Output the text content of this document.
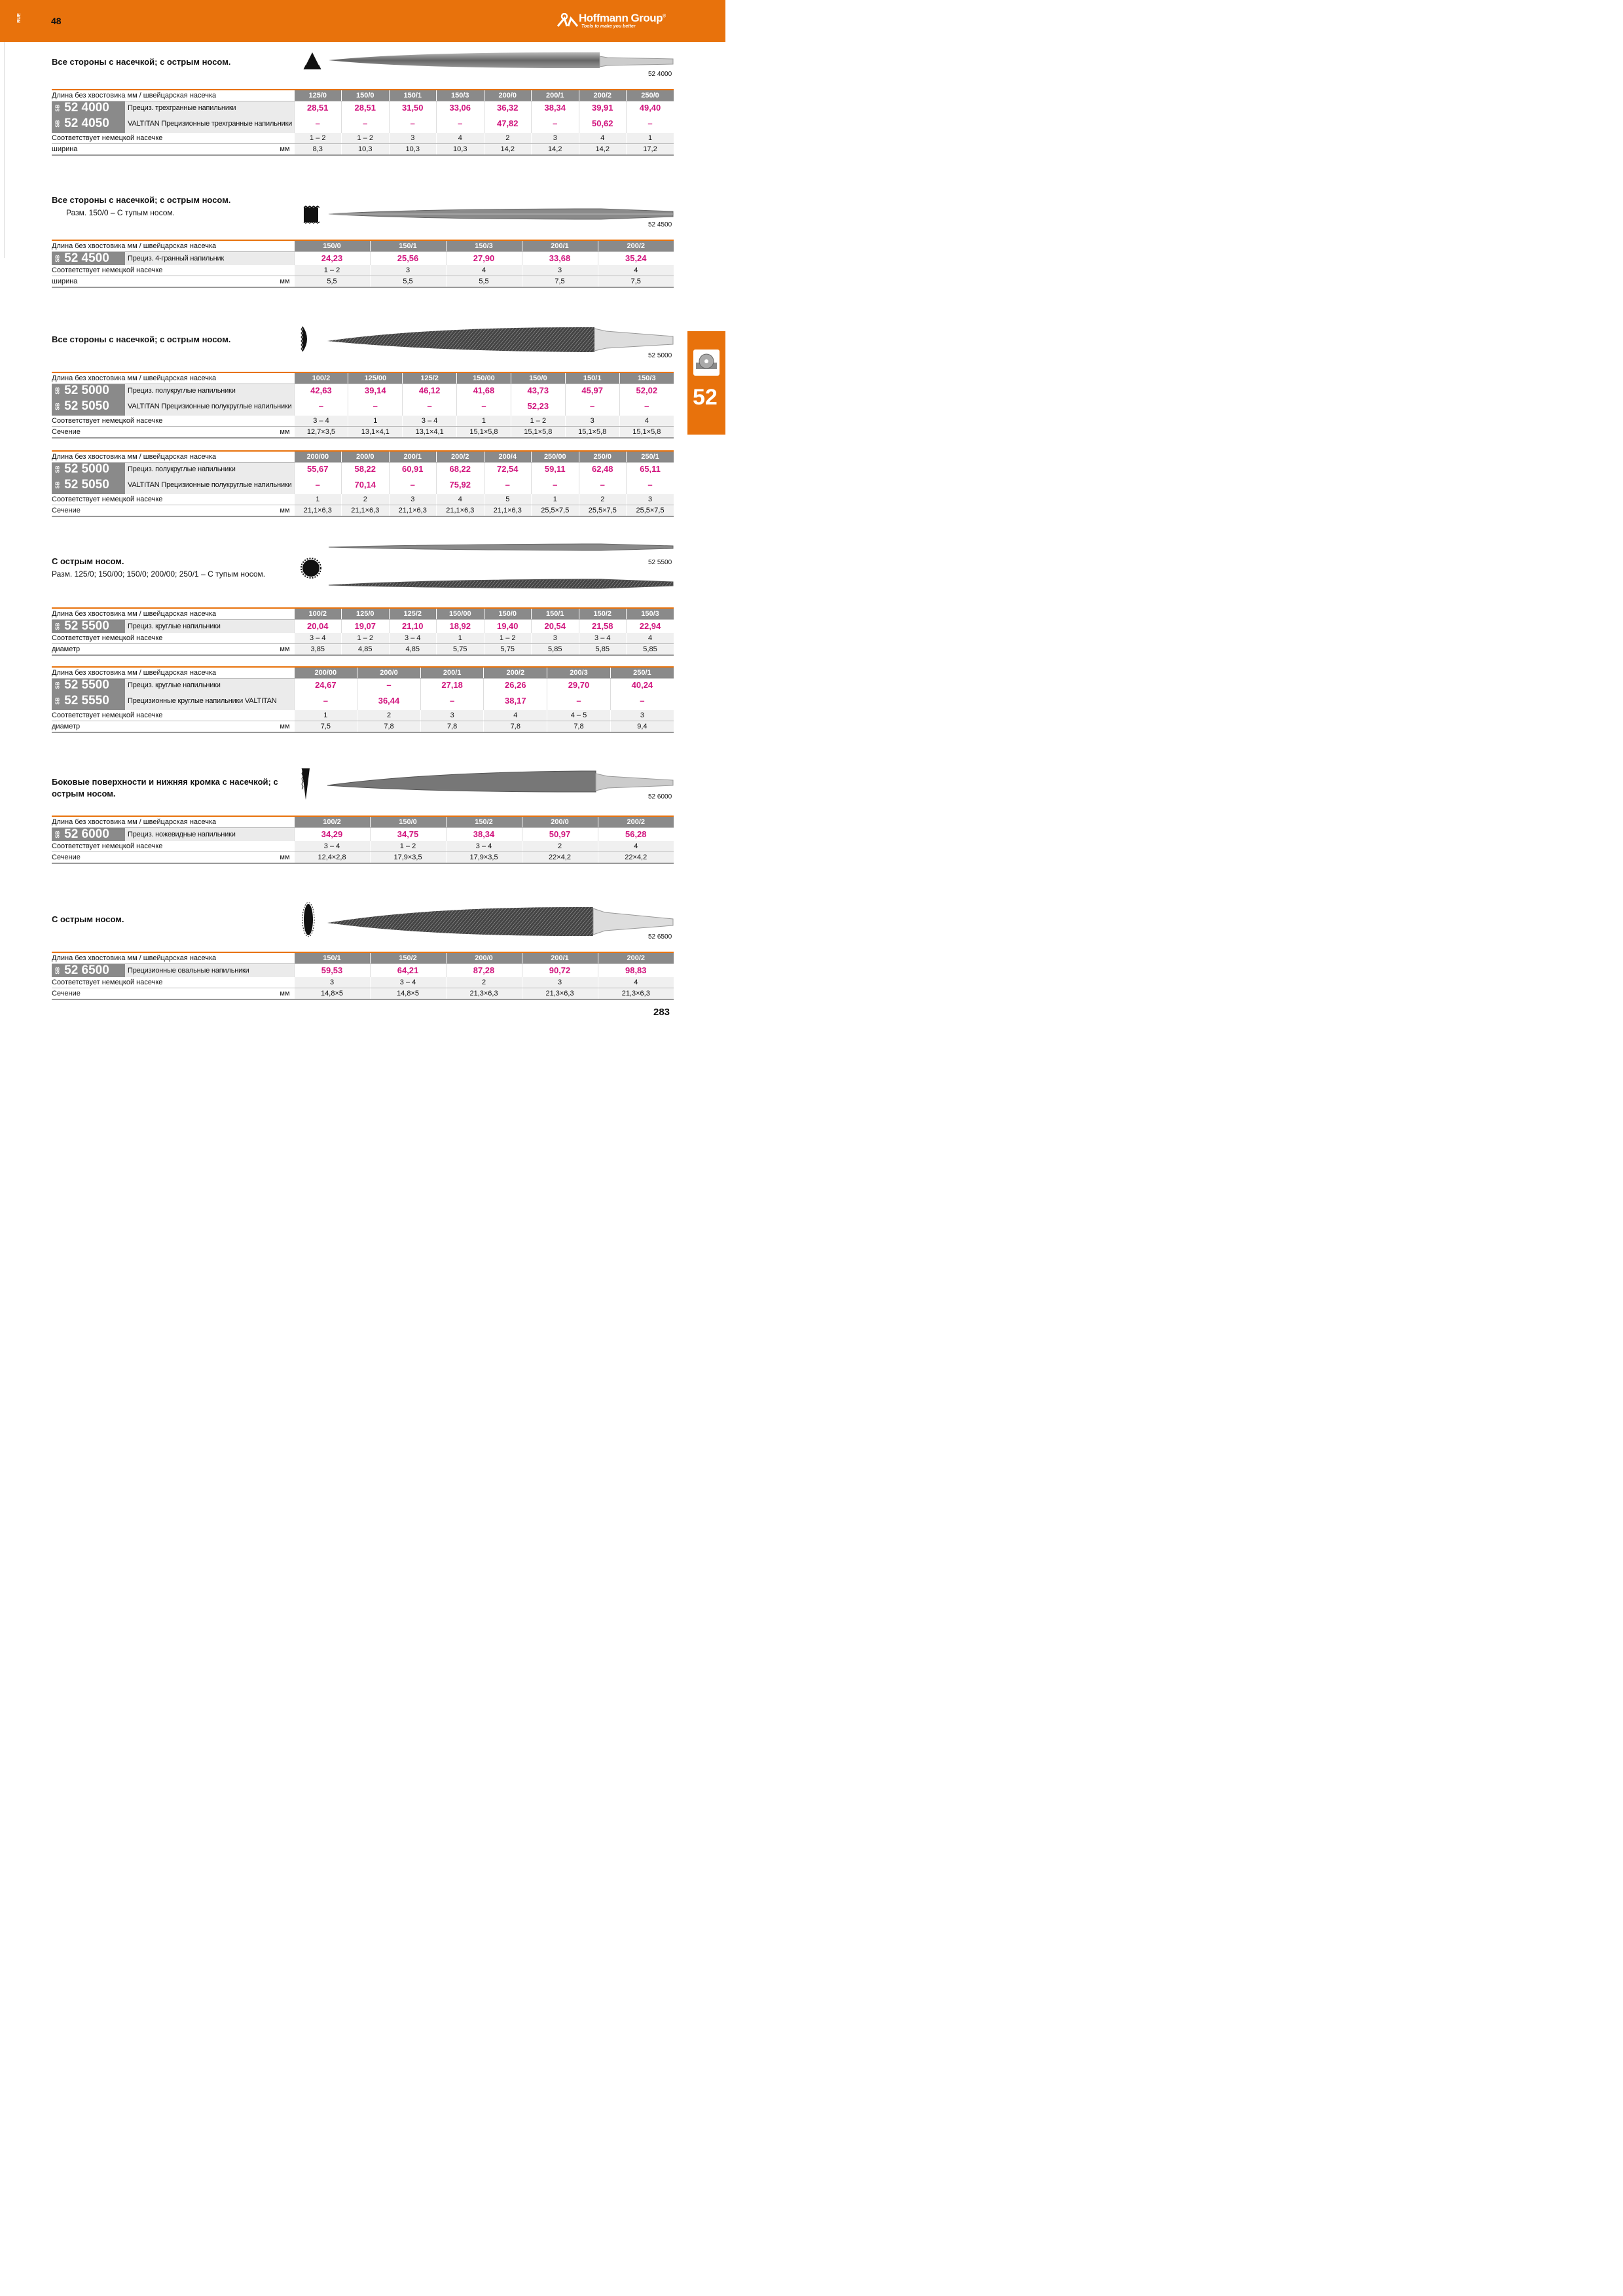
RUE	48	Hoffmann Group®
Tools to make you better
52
Все стороны с насечкой; с острым носом.
52 4000
Длина без хвостовика мм / швейцарская насечка		125/0	150/0	150/1	150/3	200/0	200/1	200/2	250/0
SB 52 4000	Прециз. трехгранные напильники	28,51	28,51	31,50	33,06	36,32	38,34	39,91	49,40
SB 52 4050	VALTITAN Прецизионные трехгранные напильники	–	–	–	–	47,82	–	50,62	–
Соответствует немецкой насечке		1 – 2	1 – 2	3	4	2	3	4	1
ширина	мм	8,3	10,3	10,3	10,3	14,2	14,2	14,2	17,2
Все стороны с насечкой; с острым носом.
Разм. 150/0 – С тупым носом.
52 4500
Длина без хвостовика мм / швейцарская насечка		150/0	150/1	150/3	200/1	200/2
SB 52 4500	Прециз. 4-гранный напильник	24,23	25,56	27,90	33,68	35,24
Соответствует немецкой насечке		1 – 2	3	4	3	4
ширина	мм	5,5	5,5	5,5	7,5	7,5
Все стороны с насечкой; с острым носом.
52 5000
Длина без хвостовика мм / швейцарская насечка		100/2	125/00	125/2	150/00	150/0	150/1	150/3
SB 52 5000	Прециз. полукруглые напильники	42,63	39,14	46,12	41,68	43,73	45,97	52,02
SB 52 5050	VALTITAN Прецизионные полукруглые напильники	–	–	–	–	52,23	–	–
Соответствует немецкой насечке		3 – 4	1	3 – 4	1	1 – 2	3	4
Сечение	мм	12,7×3,5	13,1×4,1	13,1×4,1	15,1×5,8	15,1×5,8	15,1×5,8	15,1×5,8
Длина без хвостовика мм / швейцарская насечка		200/00	200/0	200/1	200/2	200/4	250/00	250/0	250/1
SB 52 5000	Прециз. полукруглые напильники	55,67	58,22	60,91	68,22	72,54	59,11	62,48	65,11
SB 52 5050	VALTITAN Прецизионные полукруглые напильники	–	70,14	–	75,92	–	–	–	–
Соответствует немецкой насечке		1	2	3	4	5	1	2	3
Сечение	мм	21,1×6,3	21,1×6,3	21,1×6,3	21,1×6,3	21,1×6,3	25,5×7,5	25,5×7,5	25,5×7,5
С острым носом.
Разм. 125/0; 150/00; 150/0; 200/00; 250/1 – С тупым носом.
52 5500
Длина без хвостовика мм / швейцарская насечка		100/2	125/0	125/2	150/00	150/0	150/1	150/2	150/3
SB 52 5500	Прециз. круглые напильники	20,04	19,07	21,10	18,92	19,40	20,54	21,58	22,94
Соответствует немецкой насечке		3 – 4	1 – 2	3 – 4	1	1 – 2	3	3 – 4	4
диаметр	мм	3,85	4,85	4,85	5,75	5,75	5,85	5,85	5,85
Длина без хвостовика мм / швейцарская насечка		200/00	200/0	200/1	200/2	200/3	250/1
SB 52 5500	Прециз. круглые напильники	24,67	–	27,18	26,26	29,70	40,24
SB 52 5550	Прецизионные круглые напильники VALTITAN	–	36,44	–	38,17	–	–
Соответствует немецкой насечке		1	2	3	4	4 – 5	3
диаметр	мм	7,5	7,8	7,8	7,8	7,8	9,4
Боковые поверхности и нижняя кромка с насечкой; с острым носом.	52 6000
Длина без хвостовика мм / швейцарская насечка		100/2	150/0	150/2	200/0	200/2
SB 52 6000	Прециз. ножевидные напильники	34,29	34,75	38,34	50,97	56,28
Соответствует немецкой насечке		3 – 4	1 – 2	3 – 4	2	4
Сечение	мм	12,4×2,8	17,9×3,5	17,9×3,5	22×4,2	22×4,2
С острым носом.
52 6500
Длина без хвостовика мм / швейцарская насечка		150/1	150/2	200/0	200/1	200/2
SB 52 6500	Прецизионные овальные напильники	59,53	64,21	87,28	90,72	98,83
Соответствует немецкой насечке		3	3 – 4	2	3	4
Сечение	мм	14,8×5	14,8×5	21,3×6,3	21,3×6,3	21,3×6,3
283
